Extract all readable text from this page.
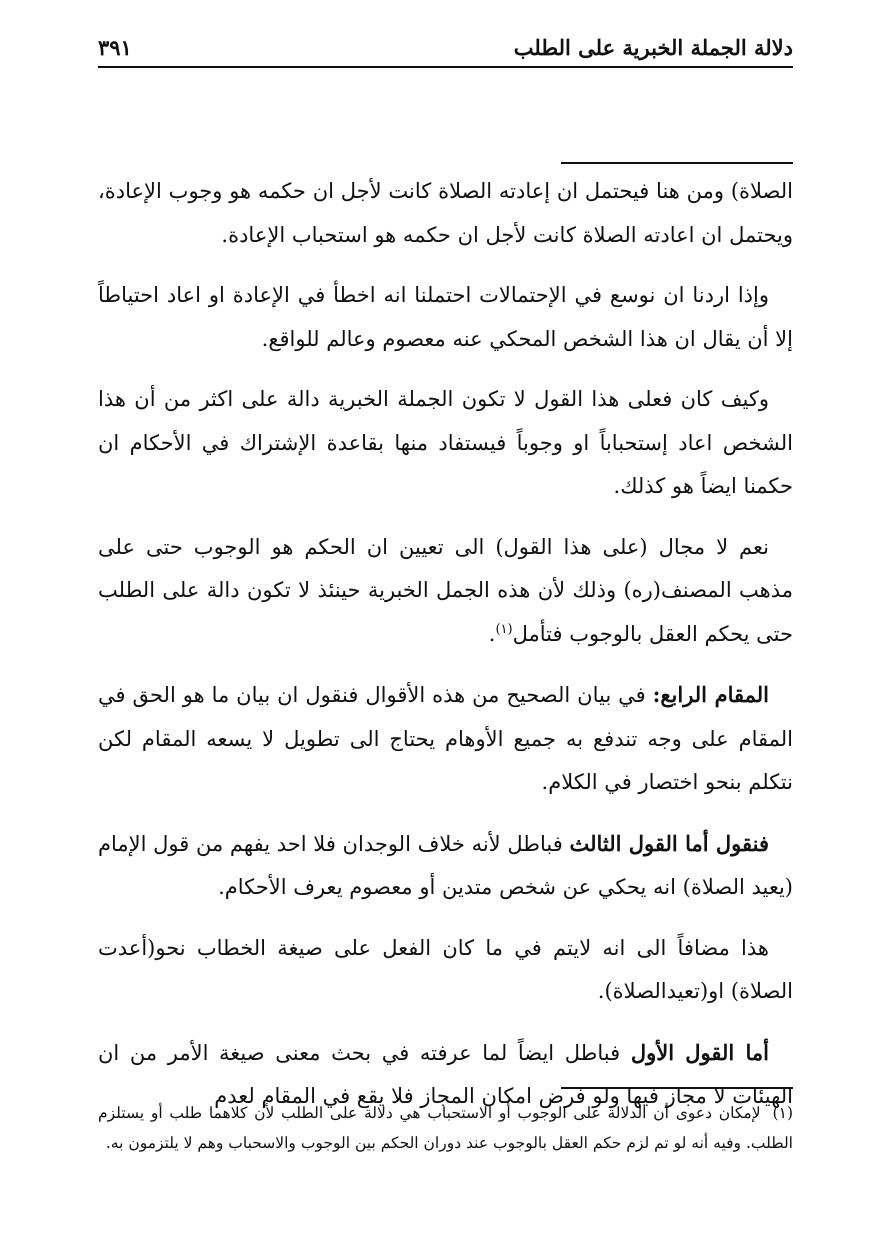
دلالة الجملة الخبرية على الطلب
٣٩١

الصلاة) ومن هنا فيحتمل ان إعادته الصلاة كانت لأجل ان حكمه هو وجوب الإعادة، ويحتمل ان اعادته الصلاة كانت لأجل ان حكمه هو استحباب الإعادة.

وإذا اردنا ان نوسع في الإحتمالات احتملنا انه اخطأ في الإعادة او اعاد احتياطاً إلا أن يقال ان هذا الشخص المحكي عنه معصوم وعالم للواقع.

وكيف كان فعلى هذا القول لا تكون الجملة الخبرية دالة على اكثر من أن هذا الشخص اعاد إستحباباً او وجوباً فيستفاد منها بقاعدة الإشتراك في الأحكام ان حكمنا ايضاً هو كذلك.

نعم لا مجال (على هذا القول) الى تعيين ان الحكم هو الوجوب حتى على مذهب المصنف(ره) وذلك لأن هذه الجمل الخبرية حينئذ لا تكون دالة على الطلب حتى يحكم العقل بالوجوب فتأمل$^{(١)}$.

المقام الرابع: في بيان الصحيح من هذه الأقوال فنقول ان بيان ما هو الحق في المقام على وجه تندفع به جميع الأوهام يحتاج الى تطويل لا يسعه المقام لكن نتكلم بنحو اختصار في الكلام.

فنقول أما القول الثالث فباطل لأنه خلاف الوجدان فلا احد يفهم من قول الإمام (يعيد الصلاة) انه يحكي عن شخص متدين أو معصوم يعرف الأحكام.

هذا مضافاً الى انه لايتم في ما كان الفعل على صيغة الخطاب نحو(أعدت الصلاة) او(تعيدالصلاة).

أما القول الأول فباطل ايضاً لما عرفته في بحث معنى صيغة الأمر من ان الهيئات لا مجاز فيها ولو فرض امكان المجاز فلا يقع في المقام لعدم

(١)لإمكان دعوى أن الدلالة على الوجوب أو الاستحباب هي دلالة على الطلب لأن كلاهما طلب أو يستلزم الطلب. وفيه أنه لو تم لزم حكم العقل بالوجوب عند دوران الحكم بين الوجوب والاسحباب وهم لا يلتزمون به.
